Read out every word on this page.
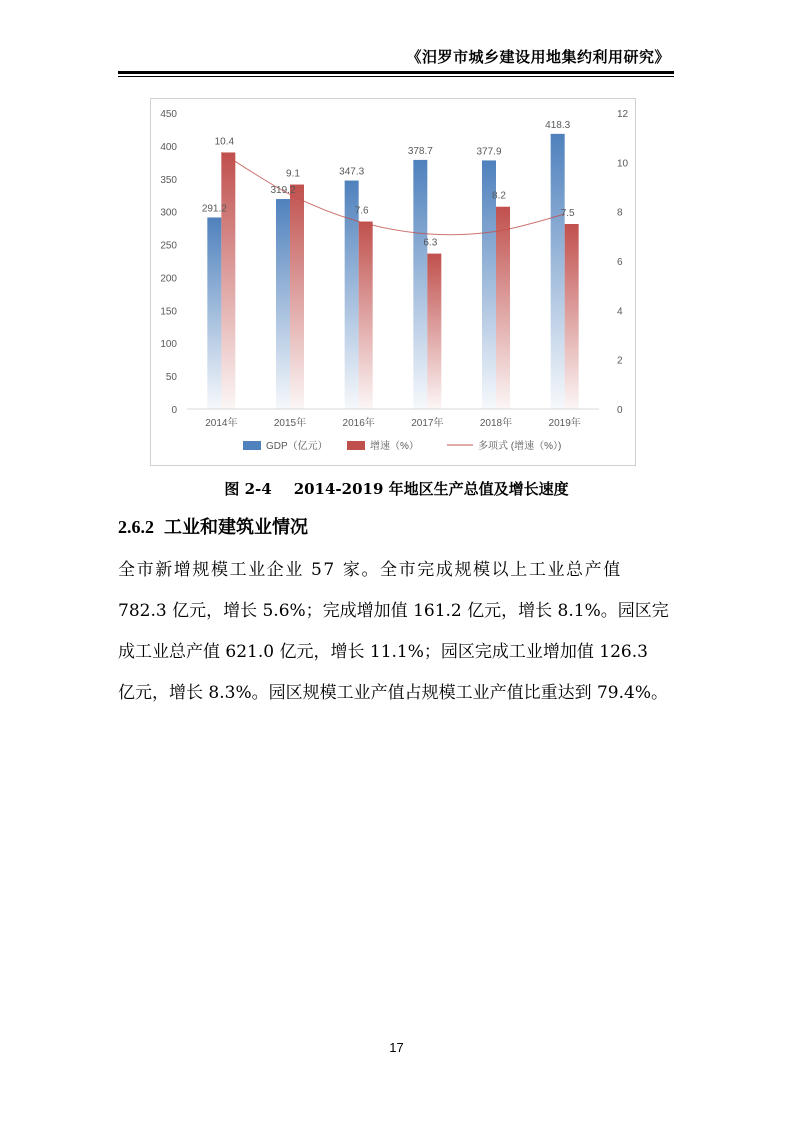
《汨罗市城乡建设用地集约利用研究》
0
50
100
150
200
250
300
350
400
450
0
2
4
6
8
10
12
291.2
10.4
319.2
9.1	347.3
7.6
378.7
6.3
377.9
8.2
418.3
7.5
2014年	2015年	2016年	2017年	2018年	2019年
GDP（亿元）	增速（%）	多项式 (增速（%）)
图 2-4 2014-2019 年地区生产总值及增长速度
2.6.2 工业和建筑业情况
全市新增规模工业企业 57 家。全市完成规模以上工业总产值
782.3 亿元，增长 5.6%；完成增加值 161.2 亿元，增长 8.1%。园区完
成工业总产值 621.0 亿元，增长 11.1%；园区完成工业增加值 126.3
亿元，增长 8.3%。园区规模工业产值占规模工业产值比重达到 79.4%。
17
